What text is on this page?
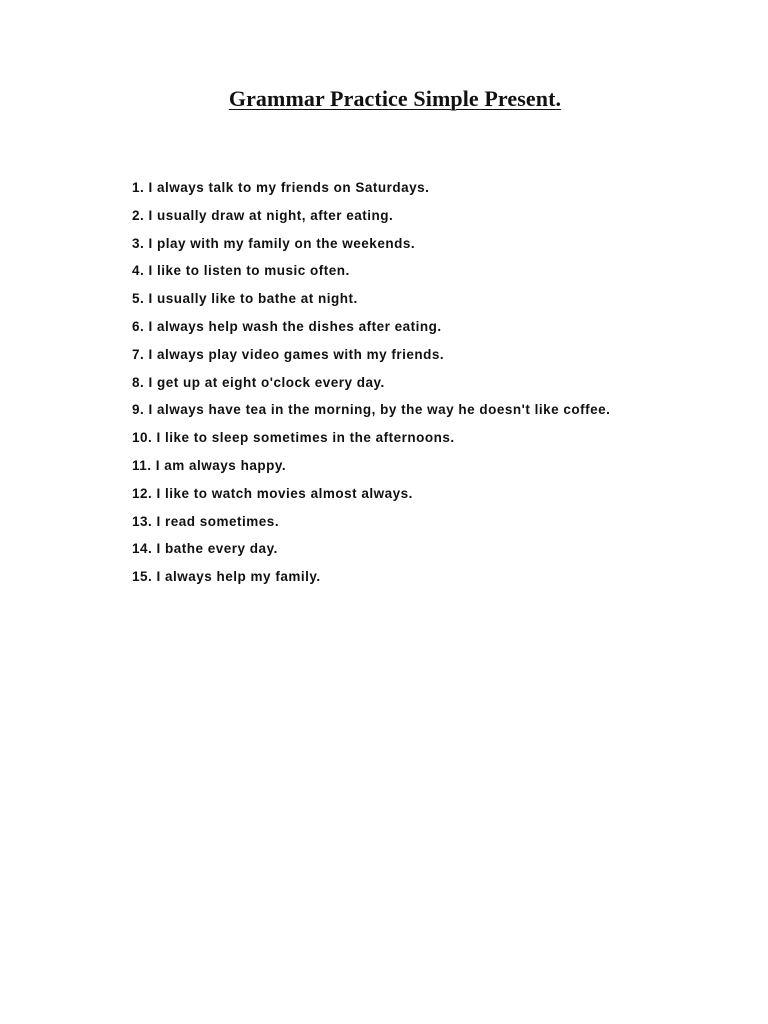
Grammar Practice Simple Present.
1. I always talk to my friends on Saturdays.
2. I usually draw at night, after eating.
3. I play with my family on the weekends.
4. I like to listen to music often.
5. I usually like to bathe at night.
6. I always help wash the dishes after eating.
7. I always play video games with my friends.
8. I get up at eight o'clock every day.
9. I always have tea in the morning, by the way he doesn't like coffee.
10. I like to sleep sometimes in the afternoons.
11. I am always happy.
12. I like to watch movies almost always.
13. I read sometimes.
14. I bathe every day.
15. I always help my family.
